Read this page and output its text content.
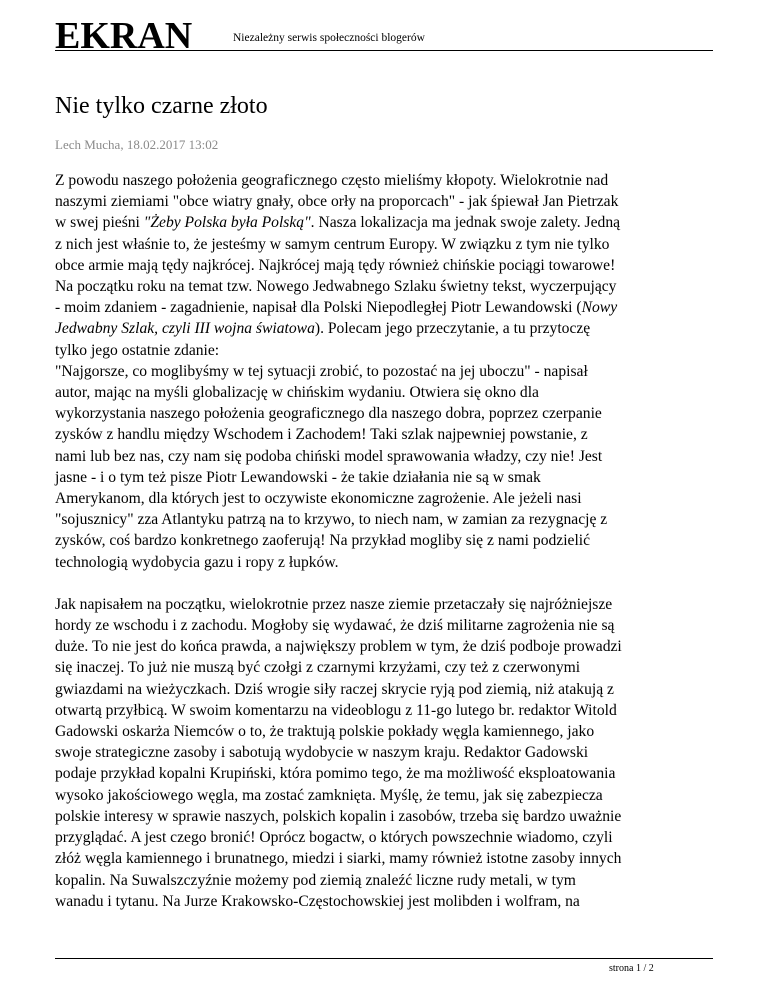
EKRAN	Niezależny serwis społeczności blogerów
Nie tylko czarne złoto
Lech Mucha, 18.02.2017 13:02

Z powodu naszego położenia geograficznego często mieliśmy kłopoty. Wielokrotnie nad
naszymi ziemiami "obce wiatry gnały, obce orły na proporcach" - jak śpiewał Jan Pietrzak
w swej pieśni "Żeby Polska była Polską". Nasza lokalizacja ma jednak swoje zalety. Jedną
z nich jest właśnie to, że jesteśmy w samym centrum Europy. W związku z tym nie tylko
obce armie mają tędy najkrócej. Najkrócej mają tędy również chińskie pociągi towarowe!
Na początku roku na temat tzw. Nowego Jedwabnego Szlaku świetny tekst, wyczerpujący
- moim zdaniem - zagadnienie, napisał dla Polski Niepodległej Piotr Lewandowski (Nowy
Jedwabny Szlak, czyli III wojna światowa). Polecam jego przeczytanie, a tu przytoczę
tylko jego ostatnie zdanie:
"Najgorsze, co moglibyśmy w tej sytuacji zrobić, to pozostać na jej uboczu" - napisał
autor, mając na myśli globalizację w chińskim wydaniu. Otwiera się okno dla
wykorzystania naszego położenia geograficznego dla naszego dobra, poprzez czerpanie
zysków z handlu między Wschodem i Zachodem! Taki szlak najpewniej powstanie, z
nami lub bez nas, czy nam się podoba chiński model sprawowania władzy, czy nie! Jest
jasne - i o tym też pisze Piotr Lewandowski - że takie działania nie są w smak
Amerykanom, dla których jest to oczywiste ekonomiczne zagrożenie. Ale jeżeli nasi
"sojusznicy" zza Atlantyku patrzą na to krzywo, to niech nam, w zamian za rezygnację z
zysków, coś bardzo konkretnego zaoferują! Na przykład mogliby się z nami podzielić
technologią wydobycia gazu i ropy z łupków.

Jak napisałem na początku, wielokrotnie przez nasze ziemie przetaczały się najróżniejsze
hordy ze wschodu i z zachodu. Mogłoby się wydawać, że dziś militarne zagrożenia nie są
duże. To nie jest do końca prawda, a największy problem w tym, że dziś podboje prowadzi
się inaczej. To już nie muszą być czołgi z czarnymi krzyżami, czy też z czerwonymi
gwiazdami na wieżyczkach. Dziś wrogie siły raczej skrycie ryją pod ziemią, niż atakują z
otwartą przyłbicą. W swoim komentarzu na videoblogu z 11-go lutego br. redaktor Witold
Gadowski oskarża Niemców o to, że traktują polskie pokłady węgla kamiennego, jako
swoje strategiczne zasoby i sabotują wydobycie w naszym kraju. Redaktor Gadowski
podaje przykład kopalni Krupiński, która pomimo tego, że ma możliwość eksploatowania
wysoko jakościowego węgla, ma zostać zamknięta. Myślę, że temu, jak się zabezpiecza
polskie interesy w sprawie naszych, polskich kopalin i zasobów, trzeba się bardzo uważnie
przyglądać. A jest czego bronić! Oprócz bogactw, o których powszechnie wiadomo, czyli
złóż węgla kamiennego i brunatnego, miedzi i siarki, mamy również istotne zasoby innych
kopalin. Na Suwalszczyźnie możemy pod ziemią znaleźć liczne rudy metali, w tym
wanadu i tytanu. Na Jurze Krakowsko-Częstochowskiej jest molibden i wolfram, na

strona 1 / 2
